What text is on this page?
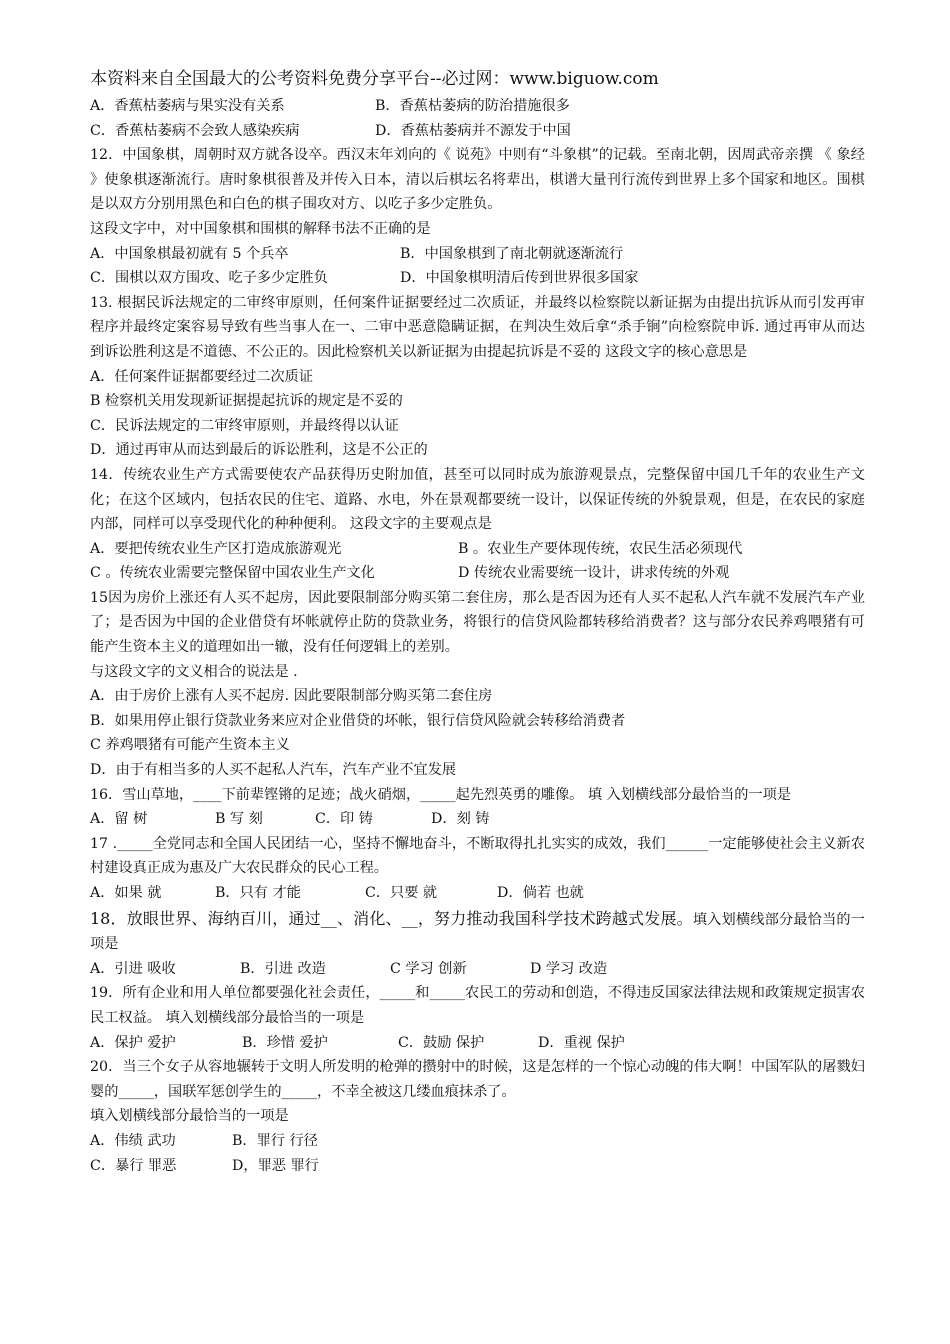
本资料来自全国最大的公考资料免费分享平台--必过网：www.biguow.com
A．香蕉枯萎病与果实没有关系	B．香蕉枯萎病的防治措施很多
C．香蕉枯萎病不会致人感染疾病	D．香蕉枯萎病并不源发于中国

12．中国象棋，周朝时双方就各设卒。西汉末年刘向的《 说苑》中则有“斗象棋”的记载。至南北朝，因周武帝亲撰 《 象经 》使象棋逐渐流行。唐时象棋很普及并传入日本，清以后棋坛名将辈出，棋谱大量刊行流传到世界上多个国家和地区。围棋是以双方分别用黑色和白色的棋子围攻对方、以吃子多少定胜负。

这段文字中，对中国象棋和围棋的解释书法不正确的是

A．中国象棋最初就有 5 个兵卒	B．中国象棋到了南北朝就逐渐流行
C．围棋以双方围攻、吃子多少定胜负	D．中国象棋明清后传到世界很多国家

13. 根据民诉法规定的二审终审原则，任何案件证据要经过二次质证，并最终以检察院以新证据为由提出抗诉从而引发再审程序并最终定案容易导致有些当事人在一、二审中恶意隐瞒证据，在判决生效后拿“杀手锏”向检察院申诉. 通过再审从而达到诉讼胜利这是不道德、不公正的。因此检察机关以新证据为由提起抗诉是不妥的 这段文字的核心意思是

A．任何案件证据都要经过二次质证

B 检察机关用发现新证据提起抗诉的规定是不妥的

C．民诉法规定的二审终审原则，并最终得以认证

D．通过再审从而达到最后的诉讼胜利，这是不公正的

14．传统农业生产方式需要使农产品获得历史附加值，甚至可以同时成为旅游观景点，完整保留中国几千年的农业生产文化；在这个区域内，包括农民的住宅、道路、水电，外在景观都要统一设计，以保证传统的外貌景观，但是，在农民的家庭内部，同样可以享受现代化的种种便利。 这段文字的主要观点是

A．要把传统农业生产区打造成旅游观光	B 。农业生产要体现传统，农民生活必须现代
C 。传统农业需要完整保留中国农业生产文化	D 传统农业需要统一设计，讲求传统的外观

15因为房价上涨还有人买不起房，因此要限制部分购买第二套住房，那么是否因为还有人买不起私人汽车就不发展汽车产业了；是否因为中国的企业借贷有坏帐就停止防的贷款业务，将银行的信贷风险都转移给消费者？这与部分农民养鸡喂猪有可能产生资本主义的道理如出一辙，没有任何逻辑上的差别。

与这段文字的文义相合的说法是 .

A．由于房价上涨有人买不起房. 因此要限制部分购买第二套住房

B．如果用停止银行贷款业务来应对企业借贷的坏帐，银行信贷风险就会转移给消费者

C 养鸡喂猪有可能产生资本主义

D．由于有相当多的人买不起私人汽车，汽车产业不宜发展

16．雪山草地，____下前辈铿锵的足迹；战火硝烟，_____起先烈英勇的雕像。 填 入划横线部分最恰当的一项是

A．留 树	B 写 刻	C．印 铸	D．刻 铸

17 ._____全党同志和全国人民团结一心，坚持不懈地奋斗，不断取得扎扎实实的成效，我们______一定能够使社会主义新农村建设真正成为惠及广大农民群众的民心工程。

A．如果 就	B．只有 才能	C．只要 就	D．倘若 也就

18．放眼世界、海纳百川，通过__、消化、__，努力推动我国科学技术跨越式发展。填入划横线部分最恰当的一项是

A．引进 吸收	B．引进 改造	C 学习 创新	D 学习 改造

19．所有企业和用人单位都要强化社会责任，_____和_____农民工的劳动和创造，不得违反国家法律法规和政策规定损害农民工权益。 填入划横线部分最恰当的一项是

A．保护 爱护	B．珍惜 爱护	C．鼓励 保护	D．重视 保护

20．当三个女子从容地辗转于文明人所发明的枪弹的攒射中的时候，这是怎样的一个惊心动魄的伟大啊！中国军队的屠戮妇婴的_____，国联军惩创学生的_____，不幸全被这几缕血痕抹杀了。

填入划横线部分最恰当的一项是

A．伟绩 武功	B．罪行 行径
C．暴行 罪恶	D，罪恶 罪行
